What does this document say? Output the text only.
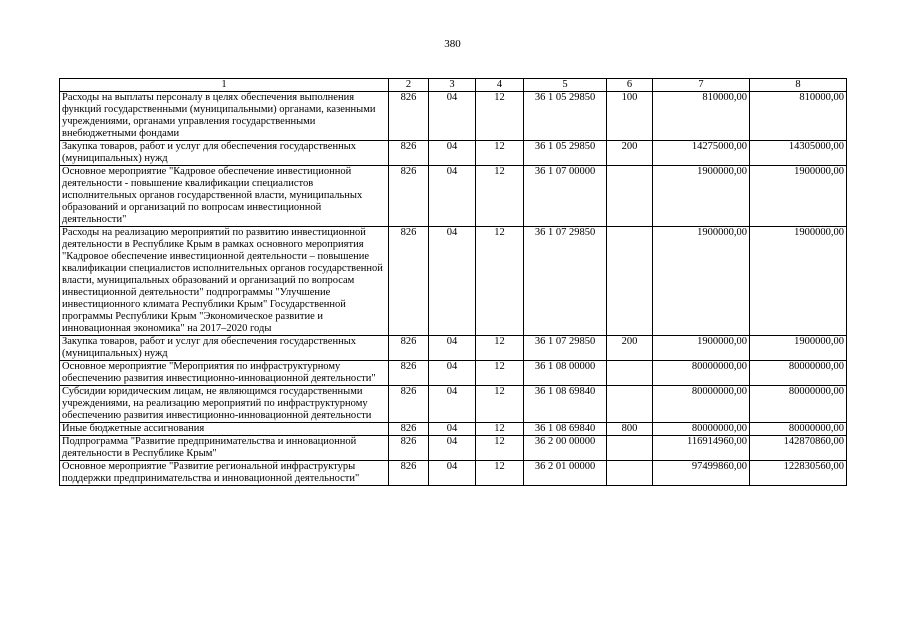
380
1	2	3	4	5	6	7	8
Расходы на выплаты персоналу в целях обеспечения выполнения функций государственными (муниципальными) органами, казенными учреждениями, органами управления государственными внебюджетными фондами	826	04	12	36 1 05 29850	100	810000,00	810000,00
Закупка товаров, работ и услуг для обеспечения государственных (муниципальных) нужд	826	04	12	36 1 05 29850	200	14275000,00	14305000,00
Основное мероприятие "Кадровое обеспечение инвестиционной деятельности - повышение квалификации специалистов исполнительных органов государственной власти, муниципальных образований и организаций по вопросам инвестиционной деятельности"	826	04	12	36 1 07 00000		1900000,00	1900000,00
Расходы на реализацию мероприятий по развитию инвестиционной деятельности в Республике Крым в рамках основного мероприятия "Кадровое обеспечение инвестиционной деятельности – повышение квалификации специалистов исполнительных органов государственной власти, муниципальных образований и организаций по вопросам инвестиционной деятельности" подпрограммы "Улучшение инвестиционного климата Республики Крым" Государственной программы Республики Крым "Экономическое развитие и инновационная экономика" на 2017–2020 годы	826	04	12	36 1 07 29850		1900000,00	1900000,00
Закупка товаров, работ и услуг для обеспечения государственных (муниципальных) нужд	826	04	12	36 1 07 29850	200	1900000,00	1900000,00
Основное мероприятие "Мероприятия по инфраструктурному обеспечению развития инвестиционно-инновационной деятельности"	826	04	12	36 1 08 00000		80000000,00	80000000,00
Субсидии юридическим лицам, не являющимся государственными учреждениями, на реализацию мероприятий по инфраструктурному обеспечению развития инвестиционно-инновационной деятельности	826	04	12	36 1 08 69840		80000000,00	80000000,00
Иные бюджетные ассигнования	826	04	12	36 1 08 69840	800	80000000,00	80000000,00
Подпрограмма "Развитие предпринимательства и инновационной деятельности в Республике Крым"	826	04	12	36 2 00 00000		116914960,00	142870860,00
Основное мероприятие "Развитие региональной инфраструктуры поддержки предпринимательства и инновационной деятельности"	826	04	12	36 2 01 00000		97499860,00	122830560,00
